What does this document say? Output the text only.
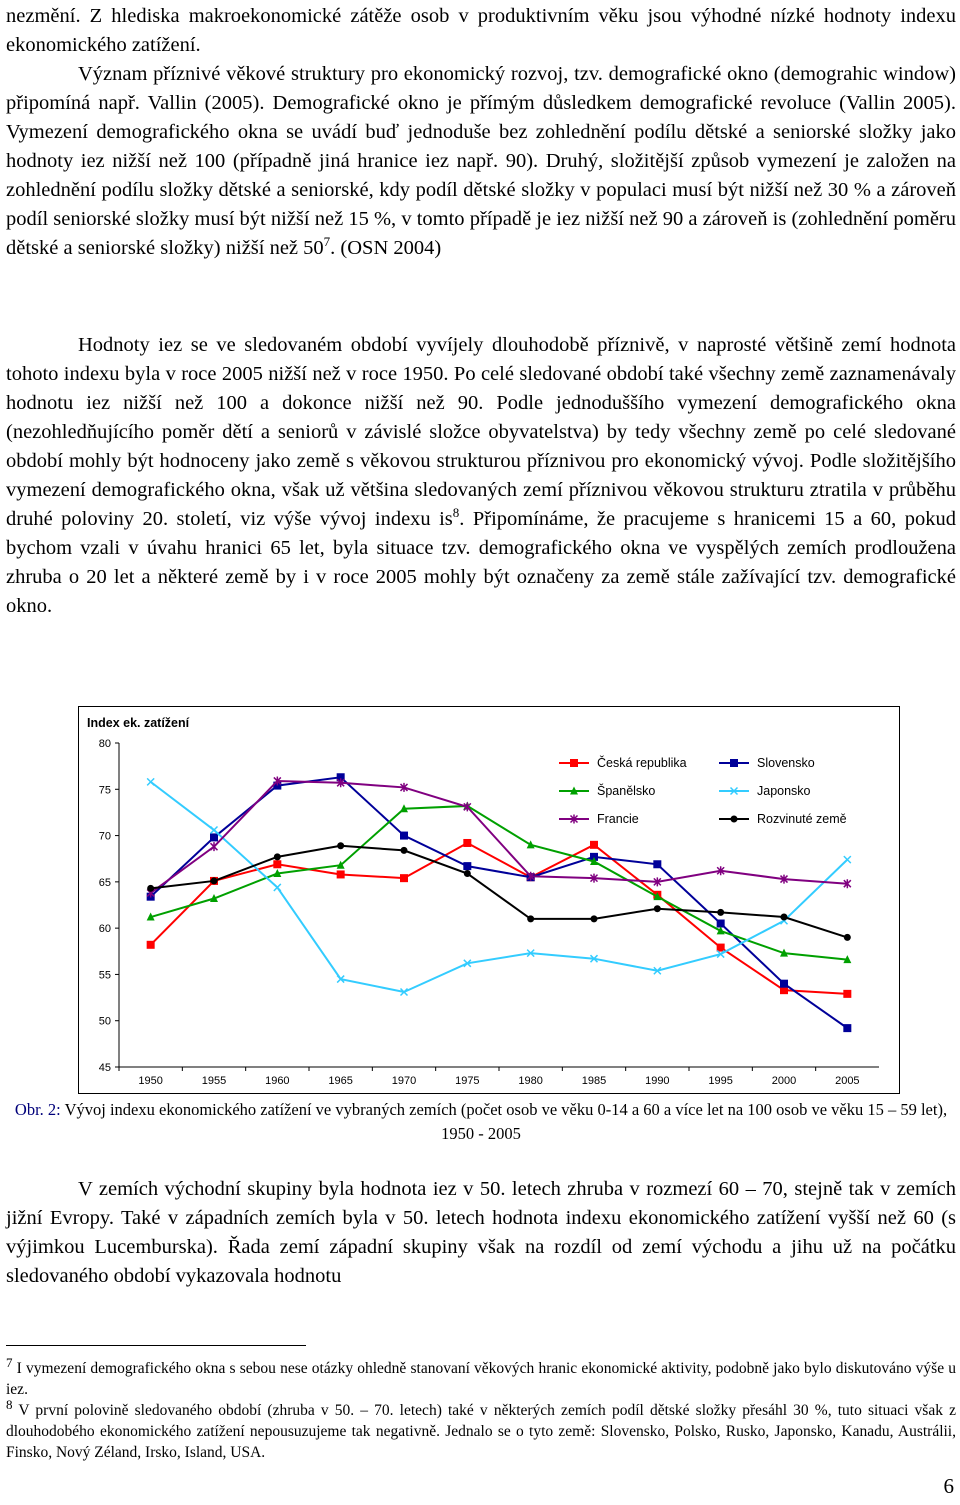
nezmění. Z hlediska makroekonomické zátěže osob v produktivním věku jsou výhodné nízké hodnoty indexu ekonomického zatížení.

Význam příznivé věkové struktury pro ekonomický rozvoj, tzv. demografické okno (demograhic window) připomíná např. Vallin (2005). Demografické okno je přímým důsledkem demografické revoluce (Vallin 2005). Vymezení demografického okna se uvádí buď jednoduše bez zohlednění podílu dětské a seniorské složky jako hodnoty iez nižší než 100 (případně jiná hranice iez např. 90). Druhý, složitější způsob vymezení je založen na zohlednění podílu složky dětské a seniorské, kdy podíl dětské složky v populaci musí být nižší než 30 % a zároveň podíl seniorské složky musí být nižší než 15 %, v tomto případě je iez nižší než 90 a zároveň is (zohlednění poměru dětské a seniorské složky) nižší než $50^7$. (OSN 2004)

Hodnoty iez se ve sledovaném období vyvíjely dlouhodobě příznivě, v naprosté většině zemí hodnota tohoto indexu byla v roce 2005 nižší než v roce 1950. Po celé sledované období také všechny země zaznamenávaly hodnotu iez nižší než 100 a dokonce nižší než 90. Podle jednoduššího vymezení demografického okna (nezohledňujícího poměr dětí a seniorů v závislé složce obyvatelstva) by tedy všechny země po celé sledované období mohly být hodnoceny jako země s věkovou strukturou příznivou pro ekonomický vývoj. Podle složitějšího vymezení demografického okna, však už většina sledovaných zemí příznivou věkovou strukturu ztratila v průběhu druhé poloviny 20. století, viz výše vývoj indexu $is^8$. Připomínáme, že pracujeme s hranicemi 15 a 60, pokud bychom vzali v úvahu hranici 65 let, byla situace tzv. demografického okna ve vyspělých zemích prodloužena zhruba o 20 let a některé země by i v roce 2005 mohly být označeny za země stále zažívající tzv. demografické okno.

Index ek. zatížení
45
50
55
60
65
70
75
80
1950	1955	1960	1965	1970	1975	1980	1985	1990	1995	2000	2005
Česká republika	Slovensko
Španělsko	Japonsko
Francie	Rozvinuté země
Obr. 2: Vývoj indexu ekonomického zatížení ve vybraných zemích (počet osob ve věku 0-14 a 60 a více let na 100 osob ve věku 15 – 59 let), 1950 - 2005

V zemích východní skupiny byla hodnota iez v 50. letech zhruba v rozmezí 60 – 70, stejně tak v zemích jižní Evropy. Také v západních zemích byla v 50. letech hodnota indexu ekonomického zatížení vyšší než 60 (s výjimkou Lucemburska). Řada zemí západní skupiny však na rozdíl od zemí východu a jihu už na počátku sledovaného období vykazovala hodnotu

$^7$ I vymezení demografického okna s sebou nese otázky ohledně stanovaní věkových hranic ekonomické aktivity, podobně jako bylo diskutováno výše u iez.

$^8$ V první polovině sledovaného období (zhruba v 50. – 70. letech) také v některých zemích podíl dětské složky přesáhl 30 %, tuto situaci však z dlouhodobého ekonomického zatížení nepousuzujeme tak negativně. Jednalo se o tyto země: Slovensko, Polsko, Rusko, Japonsko, Kanadu, Austrálii, Finsko, Nový Zéland, Irsko, Island, USA.

6
